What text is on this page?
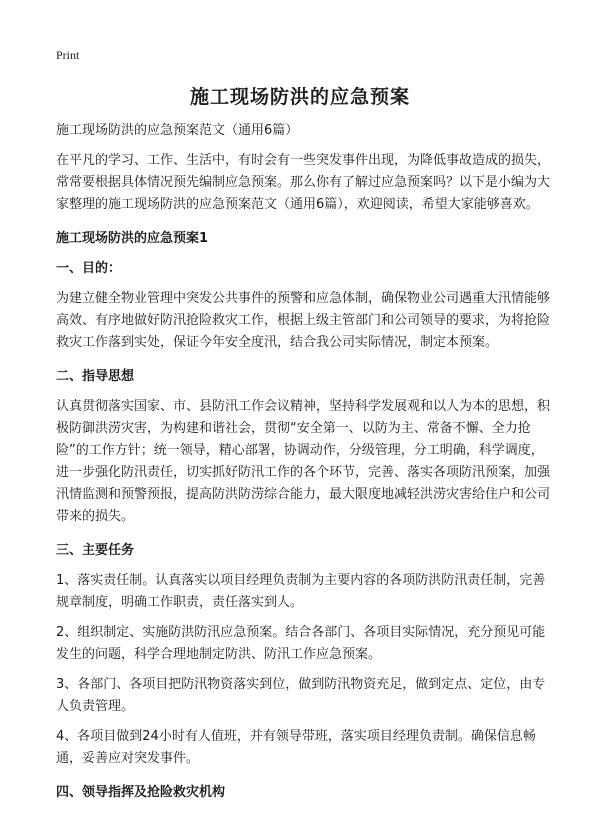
Print
施工现场防洪的应急预案

施工现场防洪的应急预案范文（通用6篇）

在平凡的学习、工作、生活中，有时会有一些突发事件出现，为降低事故造成的损失，常常要根据具体情况预先编制应急预案。那么你有了解过应急预案吗？以下是小编为大家整理的施工现场防洪的应急预案范文（通用6篇），欢迎阅读，希望大家能够喜欢。

施工现场防洪的应急预案1

一、目的：

为建立健全物业管理中突发公共事件的预警和应急体制，确保物业公司遇重大汛情能够高效、有序地做好防汛抢险救灾工作，根据上级主管部门和公司领导的要求，为将抢险救灾工作落到实处，保证今年安全度汛，结合我公司实际情况，制定本预案。

二、指导思想

认真贯彻落实国家、市、县防汛工作会议精神，坚持科学发展观和以人为本的思想，积极防御洪涝灾害，为构建和谐社会，贯彻“安全第一、以防为主、常备不懈、全力抢险”的工作方针；统一领导，精心部署，协调动作，分级管理，分工明确，科学调度，进一步强化防汛责任，切实抓好防汛工作的各个环节，完善、落实各项防汛预案，加强汛情监测和预警预报，提高防洪防涝综合能力，最大限度地减轻洪涝灾害给住户和公司带来的损失。

三、主要任务

1、落实责任制。认真落实以项目经理负责制为主要内容的各项防洪防汛责任制，完善规章制度，明确工作职责，责任落实到人。

2、组织制定、实施防洪防汛应急预案。结合各部门、各项目实际情况，充分预见可能发生的问题，科学合理地制定防洪、防汛工作应急预案。

3、各部门、各项目把防汛物资落实到位，做到防汛物资充足，做到定点、定位，由专人负责管理。

4、各项目做到24小时有人值班，并有领导带班，落实项目经理负责制。确保信息畅通，妥善应对突发事件。

四、领导指挥及抢险救灾机构
